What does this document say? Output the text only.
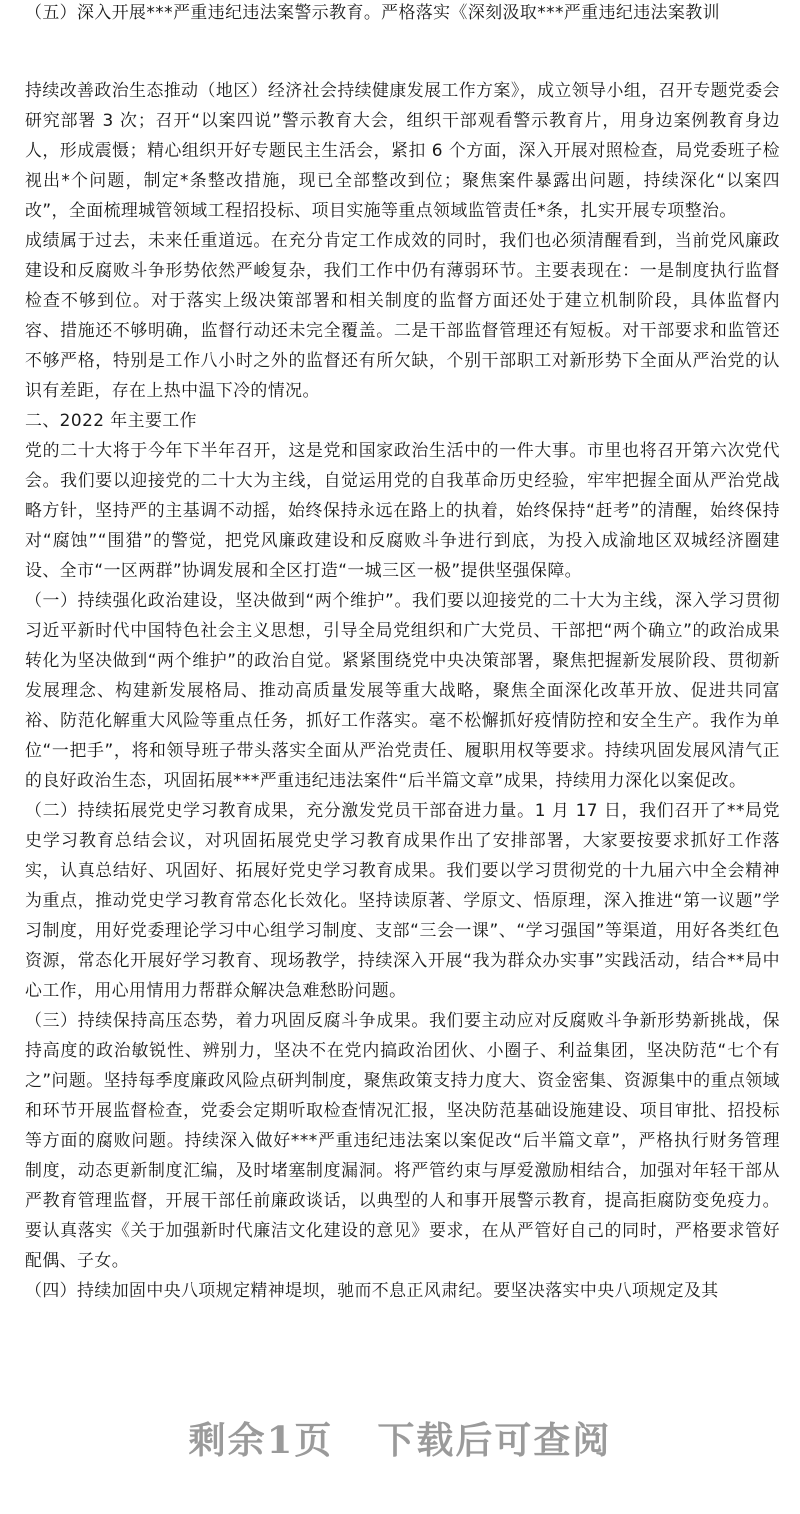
（五）深入开展***严重违纪违法案警示教育。严格落实《深刻汲取***严重违纪违法案教训

持续改善政治生态推动（地区）经济社会持续健康发展工作方案》，成立领导小组，召开专题党委会研究部署 3 次；召开“以案四说”警示教育大会，组织干部观看警示教育片，用身边案例教育身边人，形成震慑；精心组织开好专题民主生活会，紧扣 6 个方面，深入开展对照检查，局党委班子检视出*个问题，制定*条整改措施，现已全部整改到位；聚焦案件暴露出问题，持续深化“以案四改”，全面梳理城管领域工程招投标、项目实施等重点领域监管责任*条，扎实开展专项整治。

成绩属于过去，未来任重道远。在充分肯定工作成效的同时，我们也必须清醒看到，当前党风廉政建设和反腐败斗争形势依然严峻复杂，我们工作中仍有薄弱环节。主要表现在：一是制度执行监督检查不够到位。对于落实上级决策部署和相关制度的监督方面还处于建立机制阶段，具体监督内容、措施还不够明确，监督行动还未完全覆盖。二是干部监督管理还有短板。对干部要求和监管还不够严格，特别是工作八小时之外的监督还有所欠缺，个别干部职工对新形势下全面从严治党的认识有差距，存在上热中温下冷的情况。

二、2022 年主要工作

党的二十大将于今年下半年召开，这是党和国家政治生活中的一件大事。市里也将召开第六次党代会。我们要以迎接党的二十大为主线，自觉运用党的自我革命历史经验，牢牢把握全面从严治党战略方针，坚持严的主基调不动摇，始终保持永远在路上的执着，始终保持“赶考”的清醒，始终保持对“腐蚀”“围猎”的警觉，把党风廉政建设和反腐败斗争进行到底，为投入成渝地区双城经济圈建设、全市“一区两群”协调发展和全区打造“一城三区一极”提供坚强保障。

（一）持续强化政治建设，坚决做到“两个维护”。我们要以迎接党的二十大为主线，深入学习贯彻习近平新时代中国特色社会主义思想，引导全局党组织和广大党员、干部把“两个确立”的政治成果转化为坚决做到“两个维护”的政治自觉。紧紧围绕党中央决策部署，聚焦把握新发展阶段、贯彻新发展理念、构建新发展格局、推动高质量发展等重大战略，聚焦全面深化改革开放、促进共同富裕、防范化解重大风险等重点任务，抓好工作落实。毫不松懈抓好疫情防控和安全生产。我作为单位“一把手”，将和领导班子带头落实全面从严治党责任、履职用权等要求。持续巩固发展风清气正的良好政治生态，巩固拓展***严重违纪违法案件“后半篇文章”成果，持续用力深化以案促改。

（二）持续拓展党史学习教育成果，充分激发党员干部奋进力量。1 月 17 日，我们召开了**局党史学习教育总结会议，对巩固拓展党史学习教育成果作出了安排部署，大家要按要求抓好工作落实，认真总结好、巩固好、拓展好党史学习教育成果。我们要以学习贯彻党的十九届六中全会精神为重点，推动党史学习教育常态化长效化。坚持读原著、学原文、悟原理，深入推进“第一议题”学习制度，用好党委理论学习中心组学习制度、支部“三会一课”、“学习强国”等渠道，用好各类红色资源，常态化开展好学习教育、现场教学，持续深入开展“我为群众办实事”实践活动，结合**局中心工作，用心用情用力帮群众解决急难愁盼问题。

（三）持续保持高压态势，着力巩固反腐斗争成果。我们要主动应对反腐败斗争新形势新挑战，保持高度的政治敏锐性、辨别力，坚决不在党内搞政治团伙、小圈子、利益集团，坚决防范“七个有之”问题。坚持每季度廉政风险点研判制度，聚焦政策支持力度大、资金密集、资源集中的重点领域和环节开展监督检查，党委会定期听取检查情况汇报，坚决防范基础设施建设、项目审批、招投标等方面的腐败问题。持续深入做好***严重违纪违法案以案促改“后半篇文章”，严格执行财务管理制度，动态更新制度汇编，及时堵塞制度漏洞。将严管约束与厚爱激励相结合，加强对年轻干部从严教育管理监督，开展干部任前廉政谈话，以典型的人和事开展警示教育，提高拒腐防变免疫力。要认真落实《关于加强新时代廉洁文化建设的意见》要求，在从严管好自己的同时，严格要求管好配偶、子女。

（四）持续加固中央八项规定精神堤坝，驰而不息正风肃纪。要坚决落实中央八项规定及其

剩余1页 下载后可查阅
